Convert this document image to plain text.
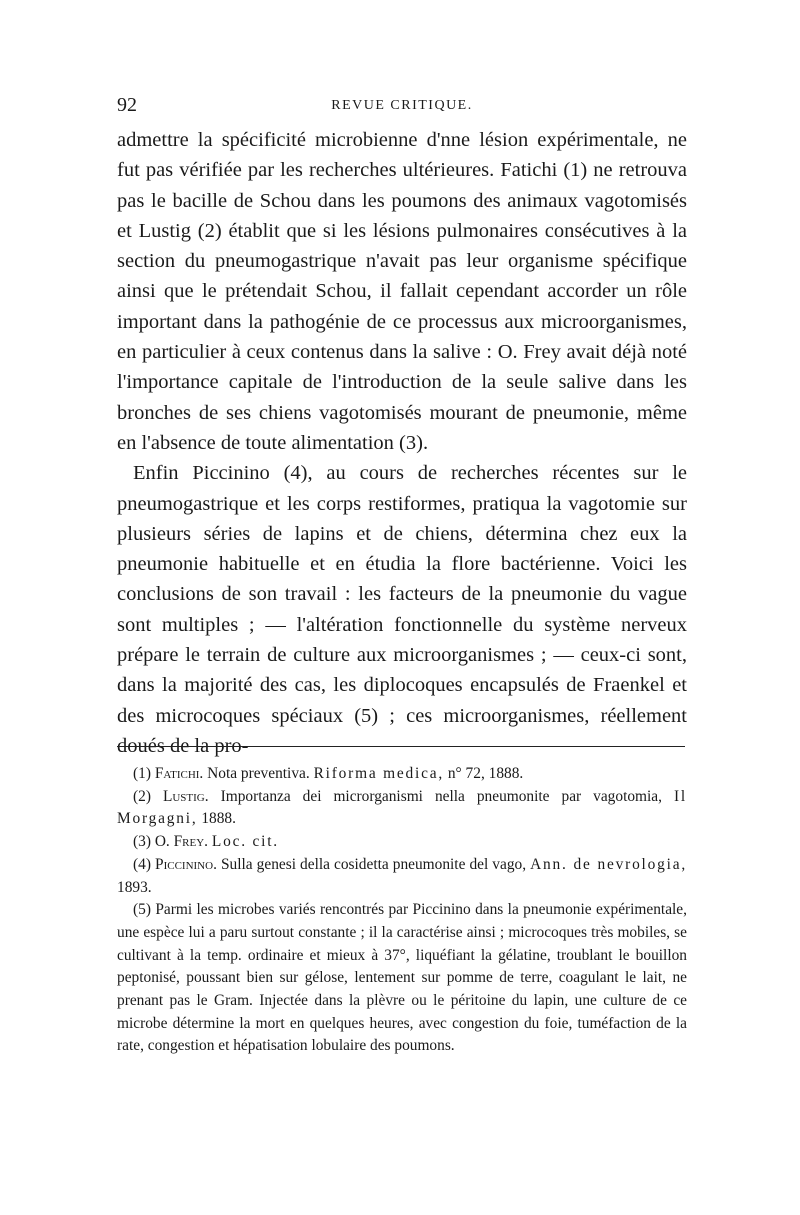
92	REVUE CRITIQUE.

admettre la spécificité microbienne d'nne lésion expérimentale, ne fut pas vérifiée par les recherches ultérieures. Fatichi (1) ne retrouva pas le bacille de Schou dans les poumons des animaux vagotomisés et Lustig (2) établit que si les lésions pulmonaires consécutives à la section du pneumogastrique n'avait pas leur organisme spécifique ainsi que le prétendait Schou, il fallait cependant accorder un rôle important dans la pathogénie de ce processus aux microorganismes, en particulier à ceux contenus dans la salive : O. Frey avait déjà noté l'importance capitale de l'introduction de la seule salive dans les bronches de ses chiens vagotomisés mourant de pneumonie, même en l'absence de toute alimentation (3).

Enfin Piccinino (4), au cours de recherches récentes sur le pneumogastrique et les corps restiformes, pratiqua la vagotomie sur plusieurs séries de lapins et de chiens, détermina chez eux la pneumonie habituelle et en étudia la flore bactérienne. Voici les conclusions de son travail : les facteurs de la pneumonie du vague sont multiples ; — l'altération fonctionnelle du système nerveux prépare le terrain de culture aux microorganismes ; — ceux-ci sont, dans la majorité des cas, les diplocoques encapsulés de Fraenkel et des microcoques spéciaux (5) ; ces microorganismes, réellement doués de la pro-

(1) Fatichi. Nota preventiva. Riforma medica, n° 72, 1888.

(2) Lustig. Importanza dei microrganismi nella pneumonite par vagotomia, Il Morgagni, 1888.

(3) O. Frey. Loc. cit.

(4) Piccinino. Sulla genesi della cosidetta pneumonite del vago, Ann. de nevrologia, 1893.

(5) Parmi les microbes variés rencontrés par Piccinino dans la pneumonie expérimentale, une espèce lui a paru surtout constante ; il la caractérise ainsi ; microcoques très mobiles, se cultivant à la temp. ordinaire et mieux à 37°, liquéfiant la gélatine, troublant le bouillon peptonisé, poussant bien sur gélose, lentement sur pomme de terre, coagulant le lait, ne prenant pas le Gram. Injectée dans la plèvre ou le péritoine du lapin, une culture de ce microbe détermine la mort en quelques heures, avec congestion du foie, tuméfaction de la rate, congestion et hépatisation lobulaire des poumons.
